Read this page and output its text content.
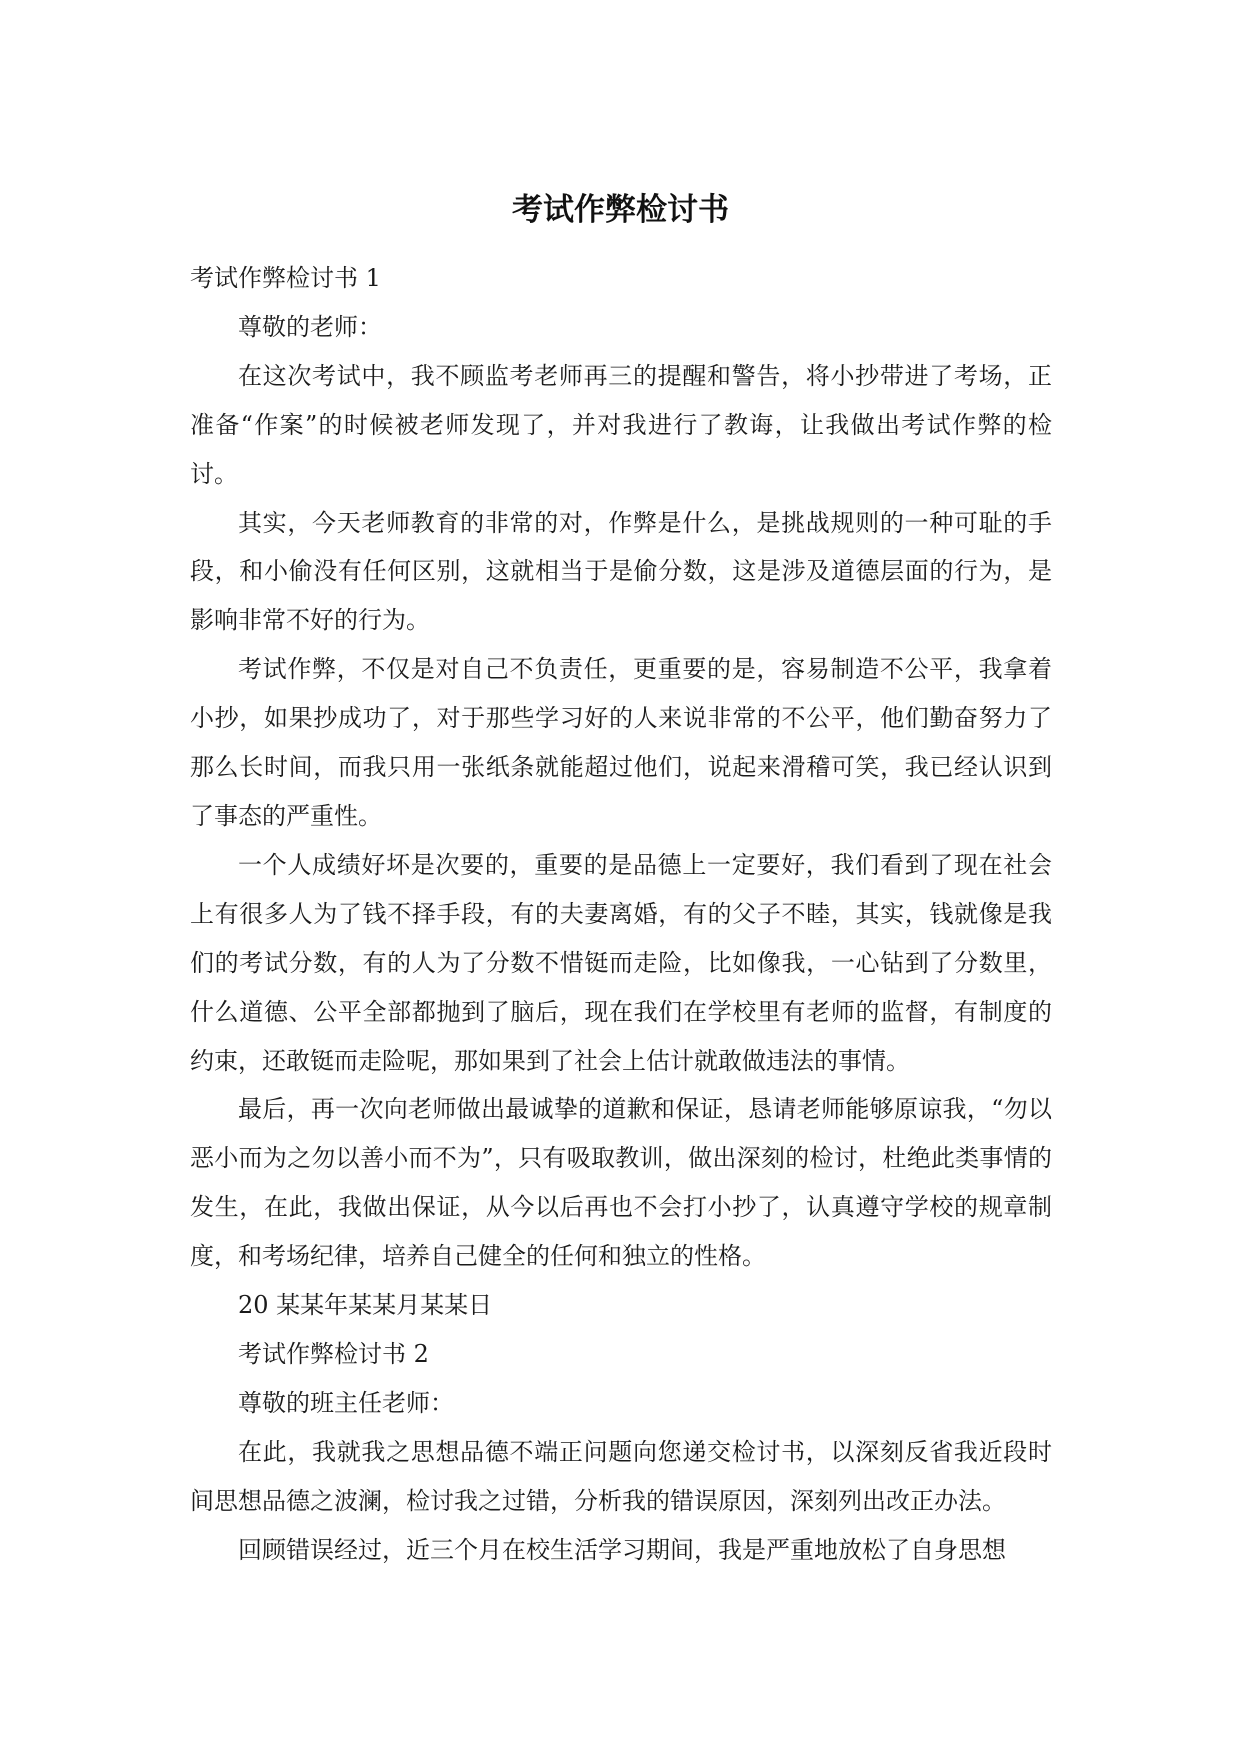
考试作弊检讨书

考试作弊检讨书 1

尊敬的老师：

在这次考试中，我不顾监考老师再三的提醒和警告，将小抄带进了考场，正准备“作案”的时候被老师发现了，并对我进行了教诲，让我做出考试作弊的检讨。

其实，今天老师教育的非常的对，作弊是什么，是挑战规则的一种可耻的手段，和小偷没有任何区别，这就相当于是偷分数，这是涉及道德层面的行为，是影响非常不好的行为。

考试作弊，不仅是对自己不负责任，更重要的是，容易制造不公平，我拿着小抄，如果抄成功了，对于那些学习好的人来说非常的不公平，他们勤奋努力了那么长时间，而我只用一张纸条就能超过他们，说起来滑稽可笑，我已经认识到了事态的严重性。

一个人成绩好坏是次要的，重要的是品德上一定要好，我们看到了现在社会上有很多人为了钱不择手段，有的夫妻离婚，有的父子不睦，其实，钱就像是我们的考试分数，有的人为了分数不惜铤而走险，比如像我，一心钻到了分数里，什么道德、公平全部都抛到了脑后，现在我们在学校里有老师的监督，有制度的约束，还敢铤而走险呢，那如果到了社会上估计就敢做违法的事情。

最后，再一次向老师做出最诚挚的道歉和保证，恳请老师能够原谅我，“勿以恶小而为之勿以善小而不为”，只有吸取教训，做出深刻的检讨，杜绝此类事情的发生，在此，我做出保证，从今以后再也不会打小抄了，认真遵守学校的规章制度，和考场纪律，培养自己健全的任何和独立的性格。

20 某某年某某月某某日

考试作弊检讨书 2

尊敬的班主任老师：

在此，我就我之思想品德不端正问题向您递交检讨书，以深刻反省我近段时间思想品德之波澜，检讨我之过错，分析我的错误原因，深刻列出改正办法。

回顾错误经过，近三个月在校生活学习期间，我是严重地放松了自身思想
